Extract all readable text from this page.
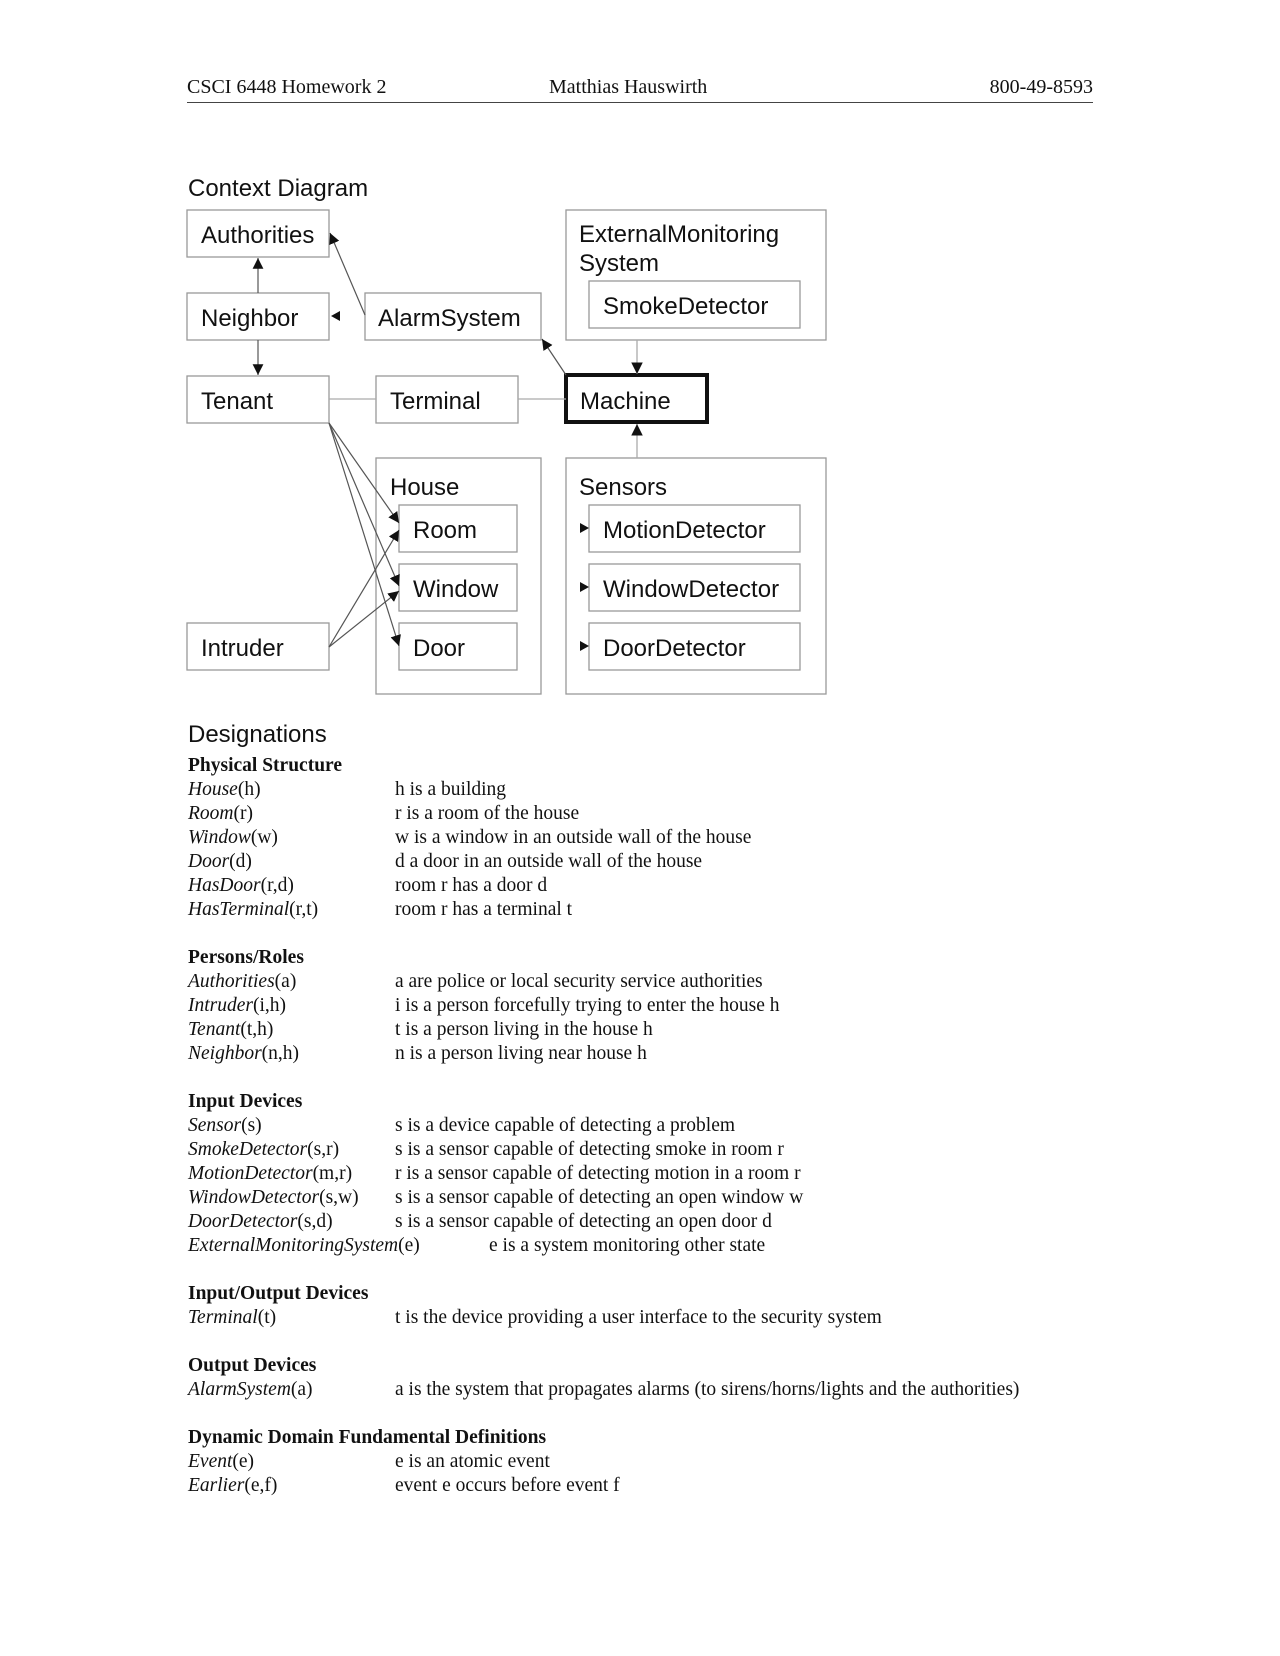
CSCI 6448 Homework 2	Matthias Hauswirth	800-49-8593
Context Diagram
Authorities
Neighbor
Tenant
Intruder
AlarmSystem
Terminal
ExternalMonitoring
System
SmokeDetector
Machine
House
Room
Window
Door
Sensors
MotionDetector
WindowDetector
DoorDetector
Designations
Physical Structure
House(h)	h is a building
Room(r)	r is a room of the house
Window(w)	w is a window in an outside wall of the house
Door(d)	d a door in an outside wall of the house
HasDoor(r,d)	room r has a door d
HasTerminal(r,t)	room r has a terminal t
Persons/Roles
Authorities(a)	a are police or local security service authorities
Intruder(i,h)	i is a person forcefully trying to enter the house h
Tenant(t,h)	t is a person living in the house h
Neighbor(n,h)	n is a person living near house h
Input Devices
Sensor(s)	s is a device capable of detecting a problem
SmokeDetector(s,r)	s is a sensor capable of detecting smoke in room r
MotionDetector(m,r) r is a sensor capable of detecting motion in a room r
WindowDetector(s,w) s is a sensor capable of detecting an open window w
DoorDetector(s,d)	s is a sensor capable of detecting an open door d
ExternalMonitoringSystem(e)	e is a system monitoring other state
Input/Output Devices
Terminal(t)	t is the device providing a user interface to the security system
Output Devices
AlarmSystem(a)	a is the system that propagates alarms (to sirens/horns/lights and the authorities)
Dynamic Domain Fundamental Definitions
Event(e)	e is an atomic event
Earlier(e,f)	event e occurs before event f
